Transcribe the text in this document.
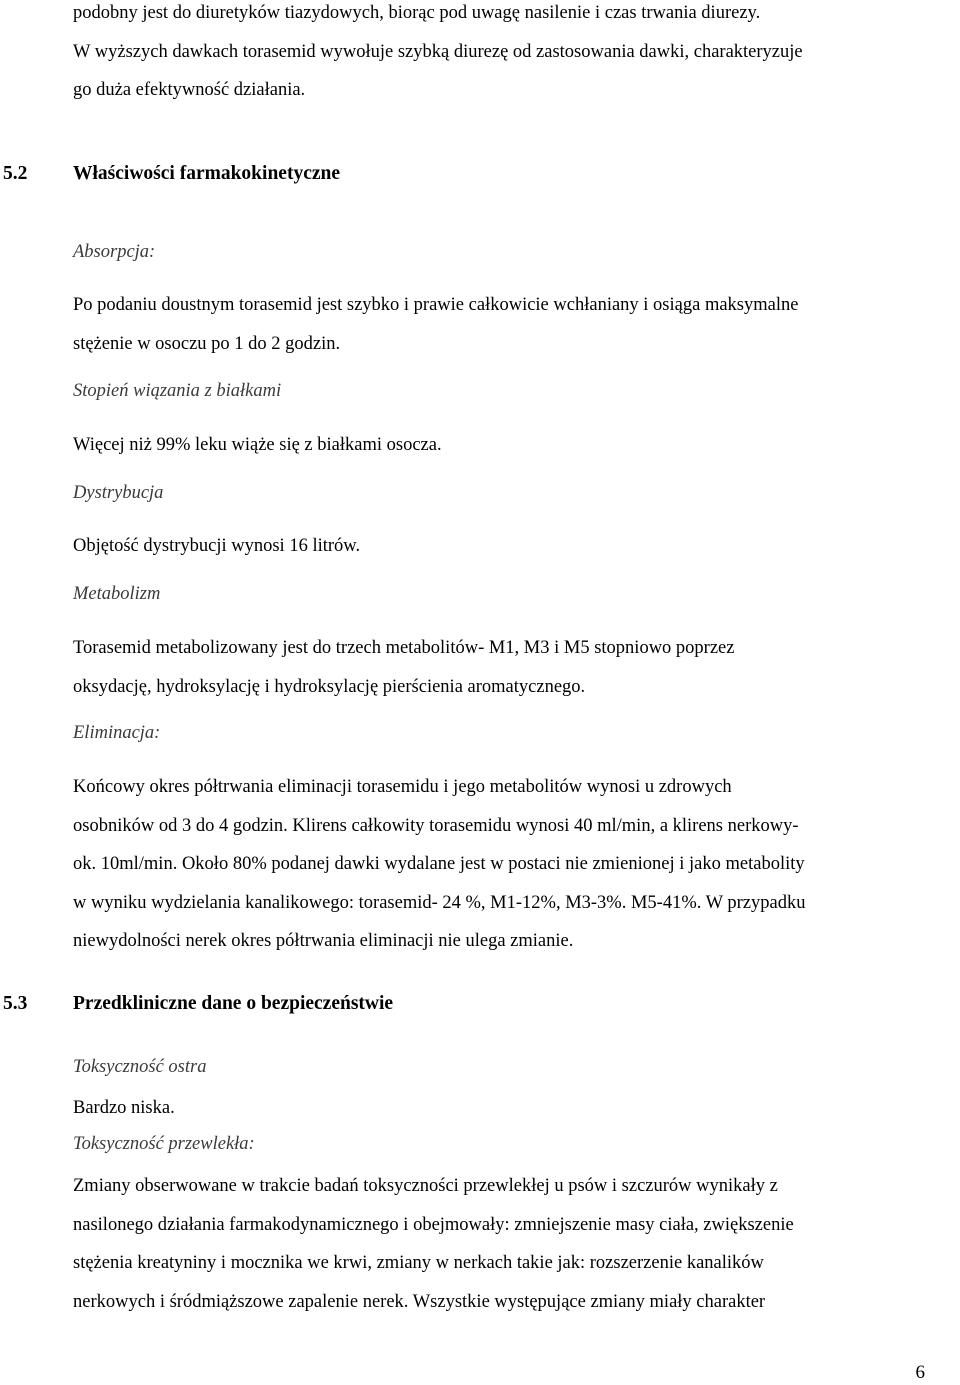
podobny jest do diuretyków tiazydowych, biorąc pod uwagę nasilenie i czas trwania diurezy.
W wyższych dawkach torasemid wywołuje szybką diurezę od zastosowania dawki, charakteryzuje
go duża efektywność działania.
5.2 Właściwości farmakokinetyczne
Absorpcja:
Po podaniu doustnym torasemid jest szybko i prawie całkowicie wchłaniany i osiąga maksymalne
stężenie w osoczu po 1 do 2 godzin.
Stopień wiązania z białkami
Więcej niż 99% leku wiąże się z białkami osocza.
Dystrybucja
Objętość dystrybucji wynosi 16 litrów.
Metabolizm
Torasemid metabolizowany jest do trzech metabolitów- M1, M3 i M5 stopniowo poprzez
oksydację, hydroksylację i hydroksylację pierścienia aromatycznego.
Eliminacja:
Końcowy okres półtrwania eliminacji torasemidu i jego metabolitów wynosi u zdrowych
osobników od 3 do 4 godzin. Klirens całkowity torasemidu wynosi 40 ml/min, a klirens nerkowy-
ok. 10ml/min. Około 80% podanej dawki wydalane jest w postaci nie zmienionej i jako metabolity
w wyniku wydzielania kanalikowego: torasemid- 24 %, M1-12%, M3-3%. M5-41%. W przypadku
niewydolności nerek okres półtrwania eliminacji nie ulega zmianie.
5.3 Przedkliniczne dane o bezpieczeństwie
Toksyczność ostra
Bardzo niska.
Toksyczność przewlekła:
Zmiany obserwowane w trakcie badań toksyczności przewlekłej u psów i szczurów wynikały z
nasilonego działania farmakodynamicznego i obejmowały: zmniejszenie masy ciała, zwiększenie
stężenia kreatyniny i mocznika we krwi, zmiany w nerkach takie jak: rozszerzenie kanalików
nerkowych i śródmiąższowe zapalenie nerek. Wszystkie występujące zmiany miały charakter
6
